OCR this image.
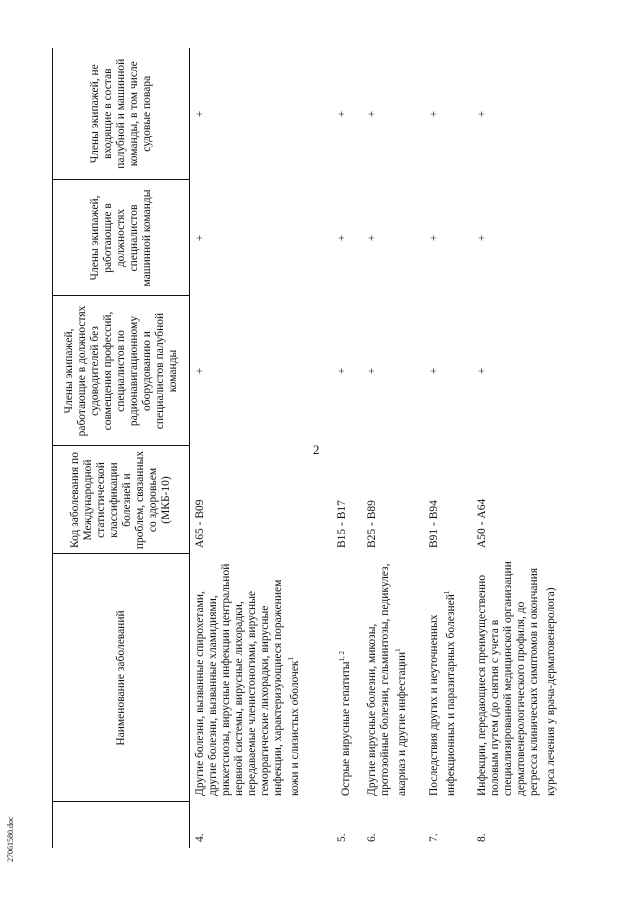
2
	Наименование заболеваний	Код заболевания по Международной статистической классификации болезней и проблем, связанных со здоровьем (МКБ-10)	Члены экипажей, работающие в должностях судоводителей без совмещения профессий, специалистов по радионавигационному оборудованию и специалистов палубной команды	Члены экипажей, работающие в должностях специалистов машинной команды	Члены экипажей, не входящие в состав палубной и машинной команды, в том числе судовые повара
4.	Другие болезни, вызванные спирохетами, другие болезни, вызванные хламидиями, риккетсиозы, вирусные инфекции центральной нервной системы, вирусные лихорадки, передаваемые членистоногими, вирусные геморрагические лихорадки, вирусные инфекции, характеризующиеся поражением кожи и слизистых оболочек$^1$	А65 - В09	+	+	+
5.	Острые вирусные гепатиты$^{1, 2}$	В15 - В17	+	+	+
6.	Другие вирусные болезни, микозы, протозойные болезни, гельминтозы, педикулез, акариаз и другие инфестации$^1$	В25 - В89	+	+	+
7.	Последствия других и неуточненных инфекционных и паразитарных болезней$^1$	В91 - В94	+	+	+
8.	Инфекции, передающиеся преимущественно половым путем (до снятия с учета в специализированной медицинской организации дерматовенерологического профиля, до регресса клинических симптомов и окончания курса лечения у врача-дерматовенеролога)	А50 - А64	+	+	+
27061580.doc
